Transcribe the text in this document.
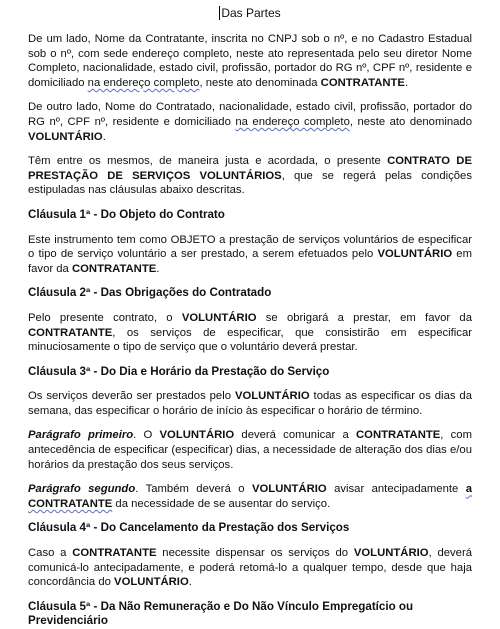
Das Partes

De um lado, Nome da Contratante, inscrita no CNPJ sob o nº, e no Cadastro Estadual sob o nº, com sede endereço completo, neste ato representada pelo seu diretor Nome Completo, nacionalidade, estado civil, profissão, portador do RG nº, CPF nº, residente e domiciliado na endereço completo, neste ato denominada CONTRATANTE.

De outro lado, Nome do Contratado, nacionalidade, estado civil, profissão, portador do RG nº, CPF nº, residente e domiciliado na endereço completo, neste ato denominado VOLUNTÁRIO.

Têm entre os mesmos, de maneira justa e acordada, o presente CONTRATO DE PRESTAÇÃO DE SERVIÇOS VOLUNTÁRIOS, que se regerá pelas condições estipuladas nas cláusulas abaixo descritas.

Cláusula 1ª - Do Objeto do Contrato

Este instrumento tem como OBJETO a prestação de serviços voluntários de especificar o tipo de serviço voluntário a ser prestado, a serem efetuados pelo VOLUNTÁRIO em favor da CONTRATANTE.

Cláusula 2ª - Das Obrigações do Contratado

Pelo presente contrato, o VOLUNTÁRIO se obrigará a prestar, em favor da CONTRATANTE, os serviços de especificar, que consistirão em especificar minuciosamente o tipo de serviço que o voluntário deverá prestar.

Cláusula 3ª - Do Dia e Horário da Prestação do Serviço

Os serviços deverão ser prestados pelo VOLUNTÁRIO todas as especificar os dias da semana, das especificar o horário de início às especificar o horário de término.

Parágrafo primeiro. O VOLUNTÁRIO deverá comunicar a CONTRATANTE, com antecedência de especificar (especificar) dias, a necessidade de alteração dos dias e/ou horários da prestação dos seus serviços.

Parágrafo segundo. Também deverá o VOLUNTÁRIO avisar antecipadamente a CONTRATANTE da necessidade de se ausentar do serviço.

Cláusula 4ª - Do Cancelamento da Prestação dos Serviços

Caso a CONTRATANTE necessite dispensar os serviços do VOLUNTÁRIO, deverá comunicá-lo antecipadamente, e poderá retomá-lo a qualquer tempo, desde que haja concordância do VOLUNTÁRIO.

Cláusula 5ª - Da Não Remuneração e Do Não Vínculo Empregatício ou Previdenciário
